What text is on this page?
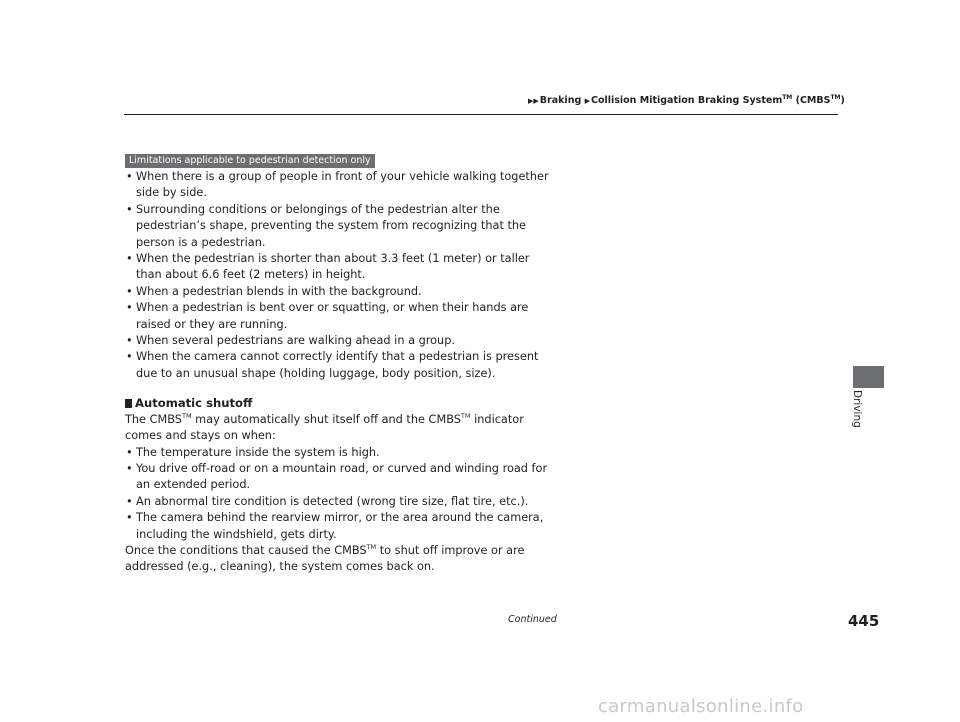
▶▶Braking ▶Collision Mitigation Braking System™ (CMBS™)
Driving
Limitations applicable to pedestrian detection only
• When there is a group of people in front of your vehicle walking together side by side.
• Surrounding conditions or belongings of the pedestrian alter the pedestrian’s shape, preventing the system from recognizing that the person is a pedestrian.
• When the pedestrian is shorter than about 3.3 feet (1 meter) or taller than about 6.6 feet (2 meters) in height.
• When a pedestrian blends in with the background.
• When a pedestrian is bent over or squatting, or when their hands are raised or they are running.
• When several pedestrians are walking ahead in a group.
• When the camera cannot correctly identify that a pedestrian is present due to an unusual shape (holding luggage, body position, size).
Automatic shutoff
The CMBS™ may automatically shut itself off and the CMBS™ indicator comes and stays on when:
• The temperature inside the system is high.
• You drive off-road or on a mountain road, or curved and winding road for an extended period.
• An abnormal tire condition is detected (wrong tire size, flat tire, etc.).
• The camera behind the rearview mirror, or the area around the camera, including the windshield, gets dirty.
Once the conditions that caused the CMBS™ to shut off improve or are addressed (e.g., cleaning), the system comes back on.
Continued	445
carmanualsonline.info
